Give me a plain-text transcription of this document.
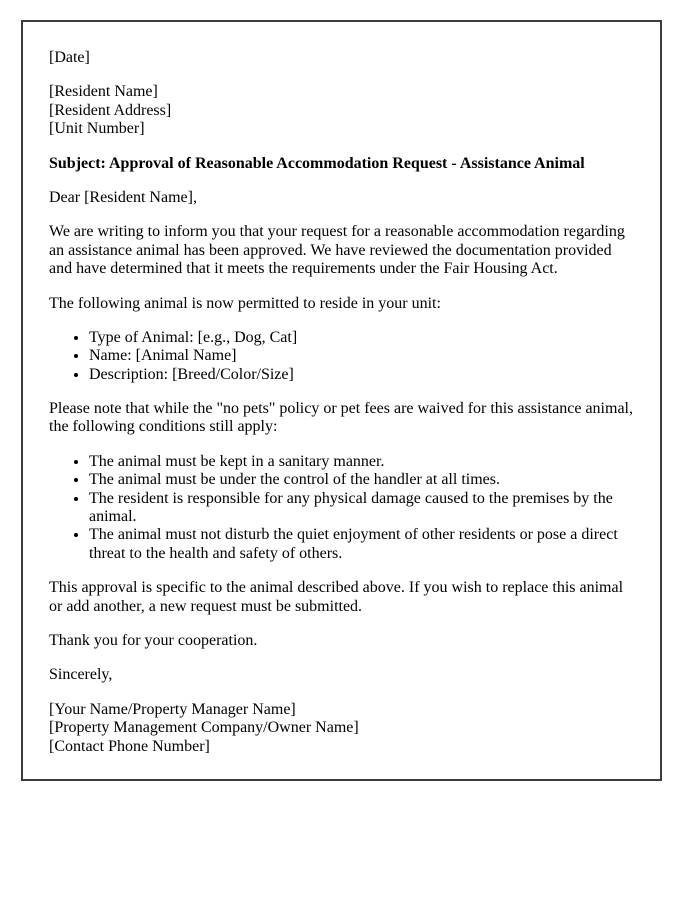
[Date]

[Resident Name]
[Resident Address]
[Unit Number]

Subject: Approval of Reasonable Accommodation Request - Assistance Animal

Dear [Resident Name],

We are writing to inform you that your request for a reasonable accommodation regarding an assistance animal has been approved. We have reviewed the documentation provided and have determined that it meets the requirements under the Fair Housing Act.

The following animal is now permitted to reside in your unit:

• Type of Animal: [e.g., Dog, Cat]
• Name: [Animal Name]
• Description: [Breed/Color/Size]

Please note that while the "no pets" policy or pet fees are waived for this assistance animal, the following conditions still apply:

• The animal must be kept in a sanitary manner.
• The animal must be under the control of the handler at all times.
• The resident is responsible for any physical damage caused to the premises by the animal.
• The animal must not disturb the quiet enjoyment of other residents or pose a direct threat to the health and safety of others.

This approval is specific to the animal described above. If you wish to replace this animal or add another, a new request must be submitted.

Thank you for your cooperation.

Sincerely,

[Your Name/Property Manager Name]
[Property Management Company/Owner Name]
[Contact Phone Number]
